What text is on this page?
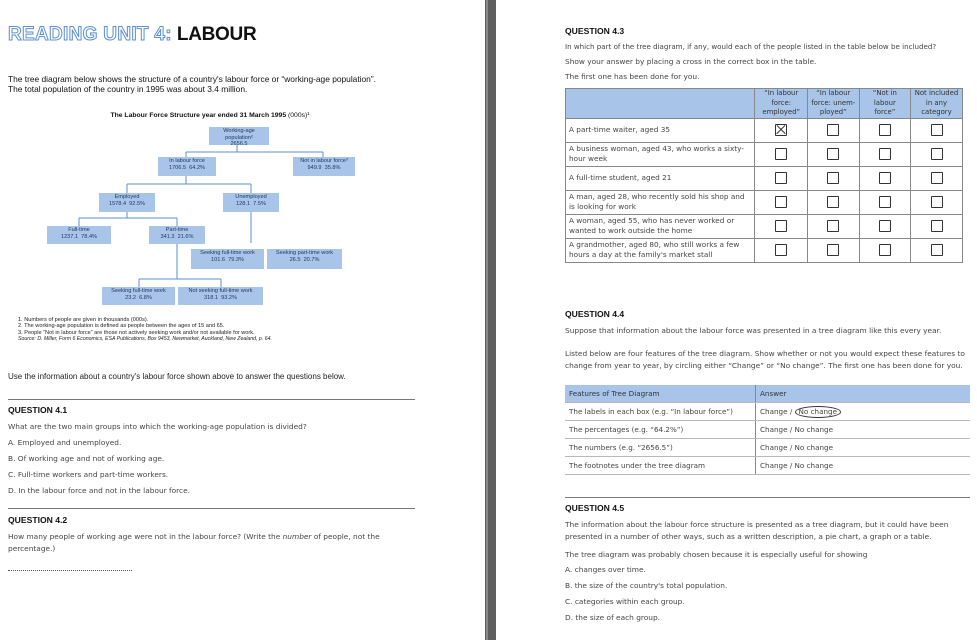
READING UNIT 4: LABOUR
The tree diagram below shows the structure of a country's labour force or “working-age population”.
The total population of the country in 1995 was about 3.4 million.
The Labour Force Structure year ended 31 March 1995 (000s)¹
Working-age population²
2656.5
In labour force
1706.5 64.2%
Not in labour force³
949.9 35.8%
Employed
1578.4 92.5%
Unemployed
128.1 7.5%
Full-time
1237.1 78.4%
Part-time
341.3 21.6%
Seeking full-time work
101.6 79.3%
Seeking part-time work
26.5 20.7%
Seeking full-time work
23.2 6.8%
Not seeking full-time work
318.1 93.2%
1. Numbers of people are given in thousands (000s).
2. The working-age population is defined as people between the ages of 15 and 65.
3. People “Not in labour force” are those not actively seeking work and/or not available for work.
Source: D. Miller, Form 6 Economics, ESA Publications, Box 9453, Newmarket, Auckland, New Zealand, p. 64.
Use the information about a country's labour force shown above to answer the questions below.
QUESTION 4.1
What are the two main groups into which the working-age population is divided?
A. Employed and unemployed.
B. Of working age and not of working age.
C. Full-time workers and part-time workers.
D. In the labour force and not in the labour force.
QUESTION 4.2
How many people of working age were not in the labour force? (Write the number of people, not the percentage.)
QUESTION 4.3
In which part of the tree diagram, if any, would each of the people listed in the table below be included?
Show your answer by placing a cross in the correct box in the table.
The first one has been done for you.
	“In labour force: employed”	“In labour force: unem-ployed”	“Not in labour force”	Not included in any category
A part-time waiter, aged 35				
A business woman, aged 43, who works a sixty-hour week				
A full-time student, aged 21				
A man, aged 28, who recently sold his shop and is looking for work				
A woman, aged 55, who has never worked or wanted to work outside the home				
A grandmother, aged 80, who still works a few hours a day at the family's market stall				
QUESTION 4.4
Suppose that information about the labour force was presented in a tree diagram like this every year.
Listed below are four features of the tree diagram. Show whether or not you would expect these features to change from year to year, by circling either “Change” or “No change”. The first one has been done for you.
Features of Tree Diagram	Answer
The labels in each box (e.g. “In labour force”)	Change / No change
The percentages (e.g. “64.2%”)	Change / No change
The numbers (e.g. “2656.5”)	Change / No change
The footnotes under the tree diagram	Change / No change
QUESTION 4.5
The information about the labour force structure is presented as a tree diagram, but it could have been presented in a number of other ways, such as a written description, a pie chart, a graph or a table.
The tree diagram was probably chosen because it is especially useful for showing
A. changes over time.
B. the size of the country's total population.
C. categories within each group.
D. the size of each group.
